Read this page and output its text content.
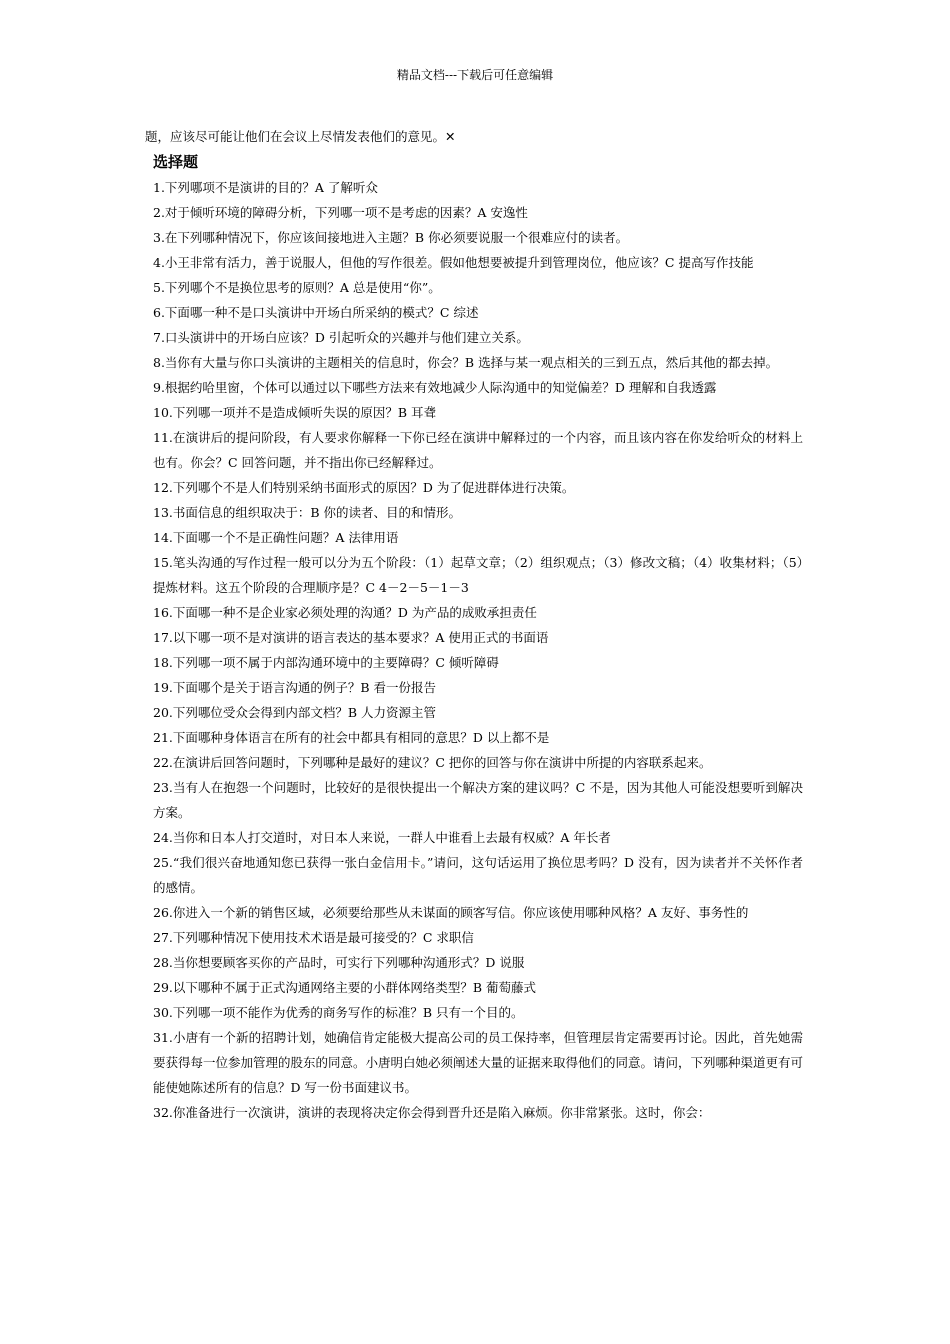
精品文档---下载后可任意编辑
题，应该尽可能让他们在会议上尽情发表他们的意见。✕
选择题
1.下列哪项不是演讲的目的？A 了解听众
2.对于倾听环境的障碍分析，下列哪一项不是考虑的因素？A 安逸性
3.在下列哪种情况下，你应该间接地进入主题？B 你必须要说服一个很难应付的读者。
4.小王非常有活力，善于说服人，但他的写作很差。假如他想要被提升到管理岗位，他应该？C 提高写作技能
5.下列哪个不是换位思考的原则？A 总是使用“你”。
6.下面哪一种不是口头演讲中开场白所采纳的模式？C 综述
7.口头演讲中的开场白应该？D 引起听众的兴趣并与他们建立关系。
8.当你有大量与你口头演讲的主题相关的信息时，你会？B 选择与某一观点相关的三到五点，然后其他的都去掉。
9.根据约哈里窗，个体可以通过以下哪些方法来有效地减少人际沟通中的知觉偏差？D 理解和自我透露
10.下列哪一项并不是造成倾听失误的原因？B 耳聋
11.在演讲后的提问阶段，有人要求你解释一下你已经在演讲中解释过的一个内容，而且该内容在你发给听众的材料上也有。你会？C 回答问题，并不指出你已经解释过。
12.下列哪个不是人们特别采纳书面形式的原因？D 为了促进群体进行决策。
13.书面信息的组织取决于：B 你的读者、目的和情形。
14.下面哪一个不是正确性问题？A 法律用语
15.笔头沟通的写作过程一般可以分为五个阶段：（1）起草文章；（2）组织观点；（3）修改文稿；（4）收集材料；（5）提炼材料。这五个阶段的合理顺序是？C 4－2－5－1－3
16.下面哪一种不是企业家必须处理的沟通？D 为产品的成败承担责任
17.以下哪一项不是对演讲的语言表达的基本要求？A 使用正式的书面语
18.下列哪一项不属于内部沟通环境中的主要障碍？C 倾听障碍
19.下面哪个是关于语言沟通的例子？B 看一份报告
20.下列哪位受众会得到内部文档？B 人力资源主管
21.下面哪种身体语言在所有的社会中都具有相同的意思？D 以上都不是
22.在演讲后回答问题时，下列哪种是最好的建议？C 把你的回答与你在演讲中所提的内容联系起来。
23.当有人在抱怨一个问题时，比较好的是很快提出一个解决方案的建议吗？C 不是，因为其他人可能没想要听到解决方案。
24.当你和日本人打交道时，对日本人来说，一群人中谁看上去最有权威？A 年长者
25.“我们很兴奋地通知您已获得一张白金信用卡。”请问，这句话运用了换位思考吗？D 没有，因为读者并不关怀作者的感情。
26.你进入一个新的销售区域，必须要给那些从未谋面的顾客写信。你应该使用哪种风格？A 友好、事务性的
27.下列哪种情况下使用技术术语是最可接受的？C 求职信
28.当你想要顾客买你的产品时，可实行下列哪种沟通形式？D 说服
29.以下哪种不属于正式沟通网络主要的小群体网络类型？B 葡萄藤式
30.下列哪一项不能作为优秀的商务写作的标准？B 只有一个目的。
31.小唐有一个新的招聘计划，她确信肯定能极大提高公司的员工保持率，但管理层肯定需要再讨论。因此，首先她需要获得每一位参加管理的股东的同意。小唐明白她必须阐述大量的证据来取得他们的同意。请问，下列哪种渠道更有可能使她陈述所有的信息？D 写一份书面建议书。
32.你准备进行一次演讲，演讲的表现将决定你会得到晋升还是陷入麻烦。你非常紧张。这时，你会：
